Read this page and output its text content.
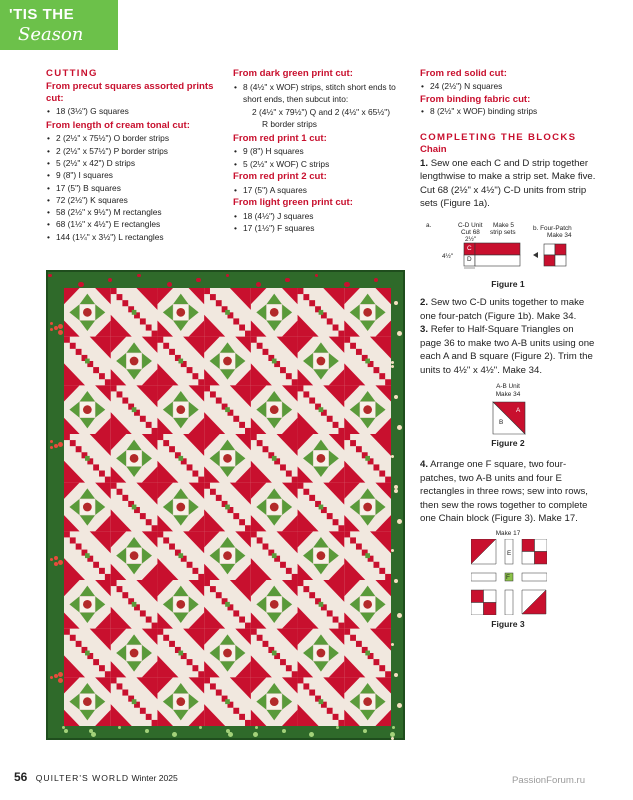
'TIS THE
Season
CUTTING
From precut squares assorted prints cut:
• 18 (3½") G squares
From length of cream tonal cut:
• 2 (2½" x 75½") O border strips
• 2 (2½" x 57½") P border strips
• 5 (2½" x 42") D strips
• 9 (8") I squares
• 17 (5") B squares
• 72 (2½") K squares
• 58 (2½" x 9½") M rectangles
• 68 (1½" x 4½") E rectangles
• 144 (1¼" x 3½") L rectangles
From dark green print cut:
• 8 (4½" x WOF) strips, stitch short ends to short ends, then subcut into:
2 (4½" x 79½") Q and 2 (4½" x 65½")
R border strips
From red print 1 cut:
• 9 (8") H squares
• 5 (2½" x WOF) C strips
From red print 2 cut:
• 17 (5") A squares
From light green print cut:
• 18 (4½") J squares
• 17 (1½") F squares
From red solid cut:
• 24 (2½") N squares
From binding fabric cut:
• 8 (2½" x WOF) binding strips
COMPLETING THE BLOCKS
Chain
1. Sew one each C and D strip together lengthwise to make a strip set. Make five. Cut 68 (2½" x 4½") C-D units from strip sets (Figure 1a).
a.	C-D Unit
Cut 68
2½"
Make 5
strip sets
b. Four-Patch
Make 34
4½"
C
D
Figure 1
2. Sew two C-D units together to make one four-patch (Figure 1b). Make 34.
3. Refer to Half-Square Triangles on page 36 to make two A-B units using one each A and B square (Figure 2). Trim the units to 4½" x 4½". Make 34.
A-B Unit
Make 34
A
B
Figure 2
4. Arrange one F square, two four-patches, two A-B units and four E rectangles in three rows; sew into rows, then sew the rows together to complete one Chain block (Figure 3). Make 17.
Make 17
E
F
Figure 3
56 QUILTER'S WORLD Winter 2025	PassionForum.ru
